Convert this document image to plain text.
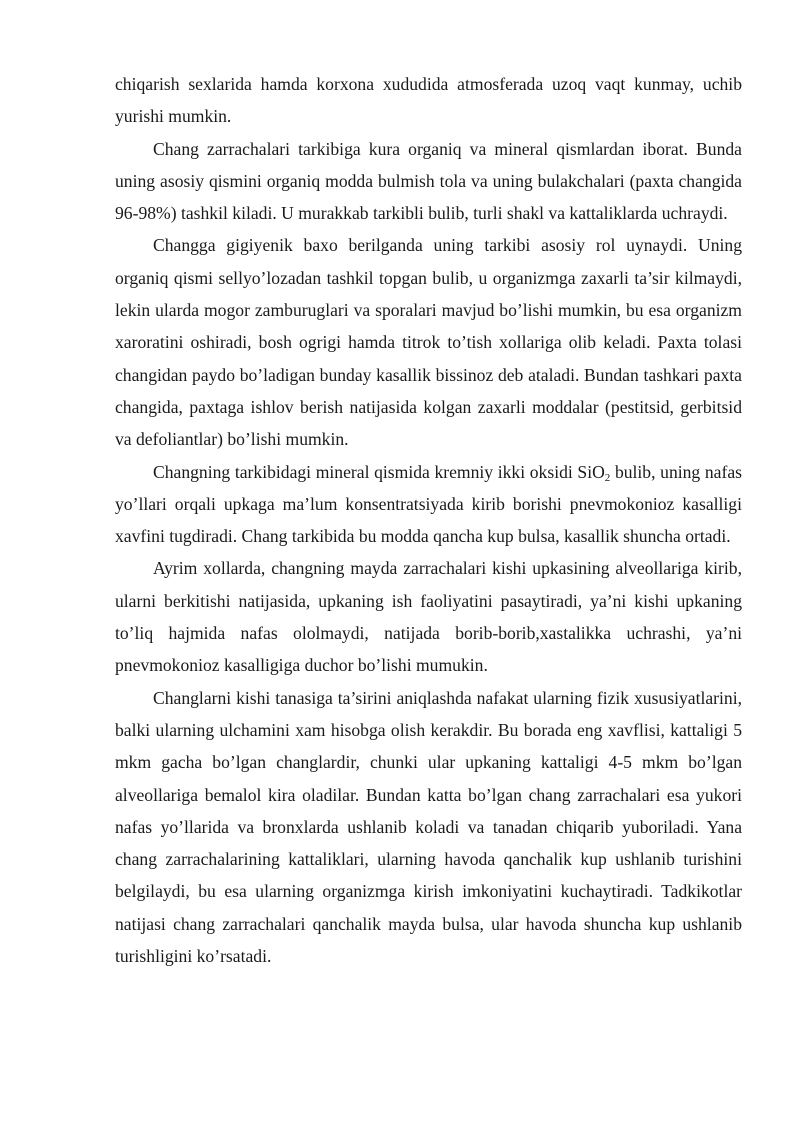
chiqarish sexlarida hamda korxona xududida atmosferada uzoq vaqt kunmay, uchib yurishi mumkin.

Chang zarrachalari tarkibiga kura organiq va mineral qismlardan iborat. Bunda uning asosiy qismini organiq modda bulmish tola va uning bulakchalari (paxta changida 96-98%) tashkil kiladi. U murakkab tarkibli bulib, turli shakl va kattaliklarda uchraydi.

Changga gigiyenik baxo berilganda uning tarkibi asosiy rol uynaydi. Uning organiq qismi sellyo’lozadan tashkil topgan bulib, u organizmga zaxarli ta’sir kilmaydi, lekin ularda mogor zamburuglari va sporalari mavjud bo’lishi mumkin, bu esa organizm xaroratini oshiradi, bosh ogrigi hamda titrok to’tish xollariga olib keladi. Paxta tolasi changidan paydo bo’ladigan bunday kasallik bissinoz deb ataladi. Bundan tashkari paxta changida, paxtaga ishlov berish natijasida kolgan zaxarli moddalar (pestitsid, gerbitsid va defoliantlar) bo’lishi mumkin.

Changning tarkibidagi mineral qismida kremniy ikki oksidi SiO$_2$ bulib, uning nafas yo’llari orqali upkaga ma’lum konsentratsiyada kirib borishi pnevmokonioz kasalligi xavfini tugdiradi. Chang tarkibida bu modda qancha kup bulsa, kasallik shuncha ortadi.

Ayrim xollarda, changning mayda zarrachalari kishi upkasining alveollariga kirib, ularni berkitishi natijasida, upkaning ish faoliyatini pasaytiradi, ya’ni kishi upkaning to’liq hajmida nafas ololmaydi, natijada borib-borib,xastalikka uchrashi, ya’ni pnevmokonioz kasalligiga duchor bo’lishi mumukin.

Changlarni kishi tanasiga ta’sirini aniqlashda nafakat ularning fizik xususiyatlarini, balki ularning ulchamini xam hisobga olish kerakdir. Bu borada eng xavflisi, kattaligi 5 mkm gacha bo’lgan changlardir, chunki ular upkaning kattaligi 4-5 mkm bo’lgan alveollariga bemalol kira oladilar. Bundan katta bo’lgan chang zarrachalari esa yukori nafas yo’llarida va bronxlarda ushlanib koladi va tanadan chiqarib yuboriladi. Yana chang zarrachalarining kattaliklari, ularning havoda qanchalik kup ushlanib turishini belgilaydi, bu esa ularning organizmga kirish imkoniyatini kuchaytiradi. Tadkikotlar natijasi chang zarrachalari qanchalik mayda bulsa, ular havoda shuncha kup ushlanib turishligini ko’rsatadi.
